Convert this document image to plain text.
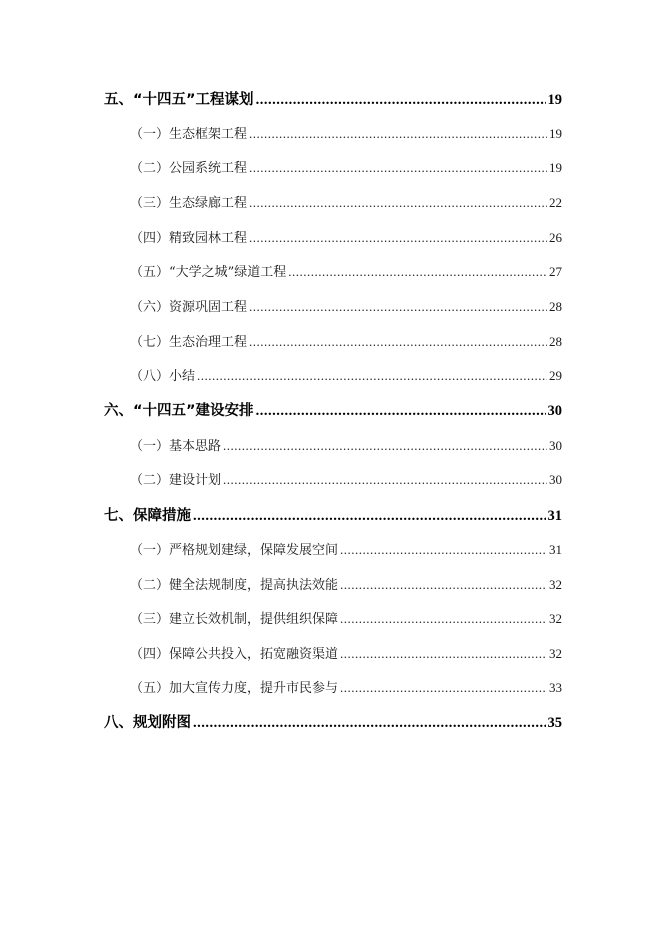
五、“十四五”工程谋划 .....	19
（一）生态框架工程 .....	19
（二）公园系统工程 .....	19
（三）生态绿廊工程 .....	22
（四）精致园林工程 .....	26
（五）“大学之城”绿道工程 .....	27
（六）资源巩固工程 .....	28
（七）生态治理工程 .....	28
（八）小结 .....	29
六、“十四五”建设安排 .....	30
（一）基本思路 .....	30
（二）建设计划 .....	30
七、保障措施 .....	31
（一）严格规划建绿，保障发展空间 .....	31
（二）健全法规制度，提高执法效能 .....	32
（三）建立长效机制，提供组织保障 .....	32
（四）保障公共投入，拓宽融资渠道 .....	32
（五）加大宣传力度，提升市民参与 .....	33
八、规划附图 .....	35
